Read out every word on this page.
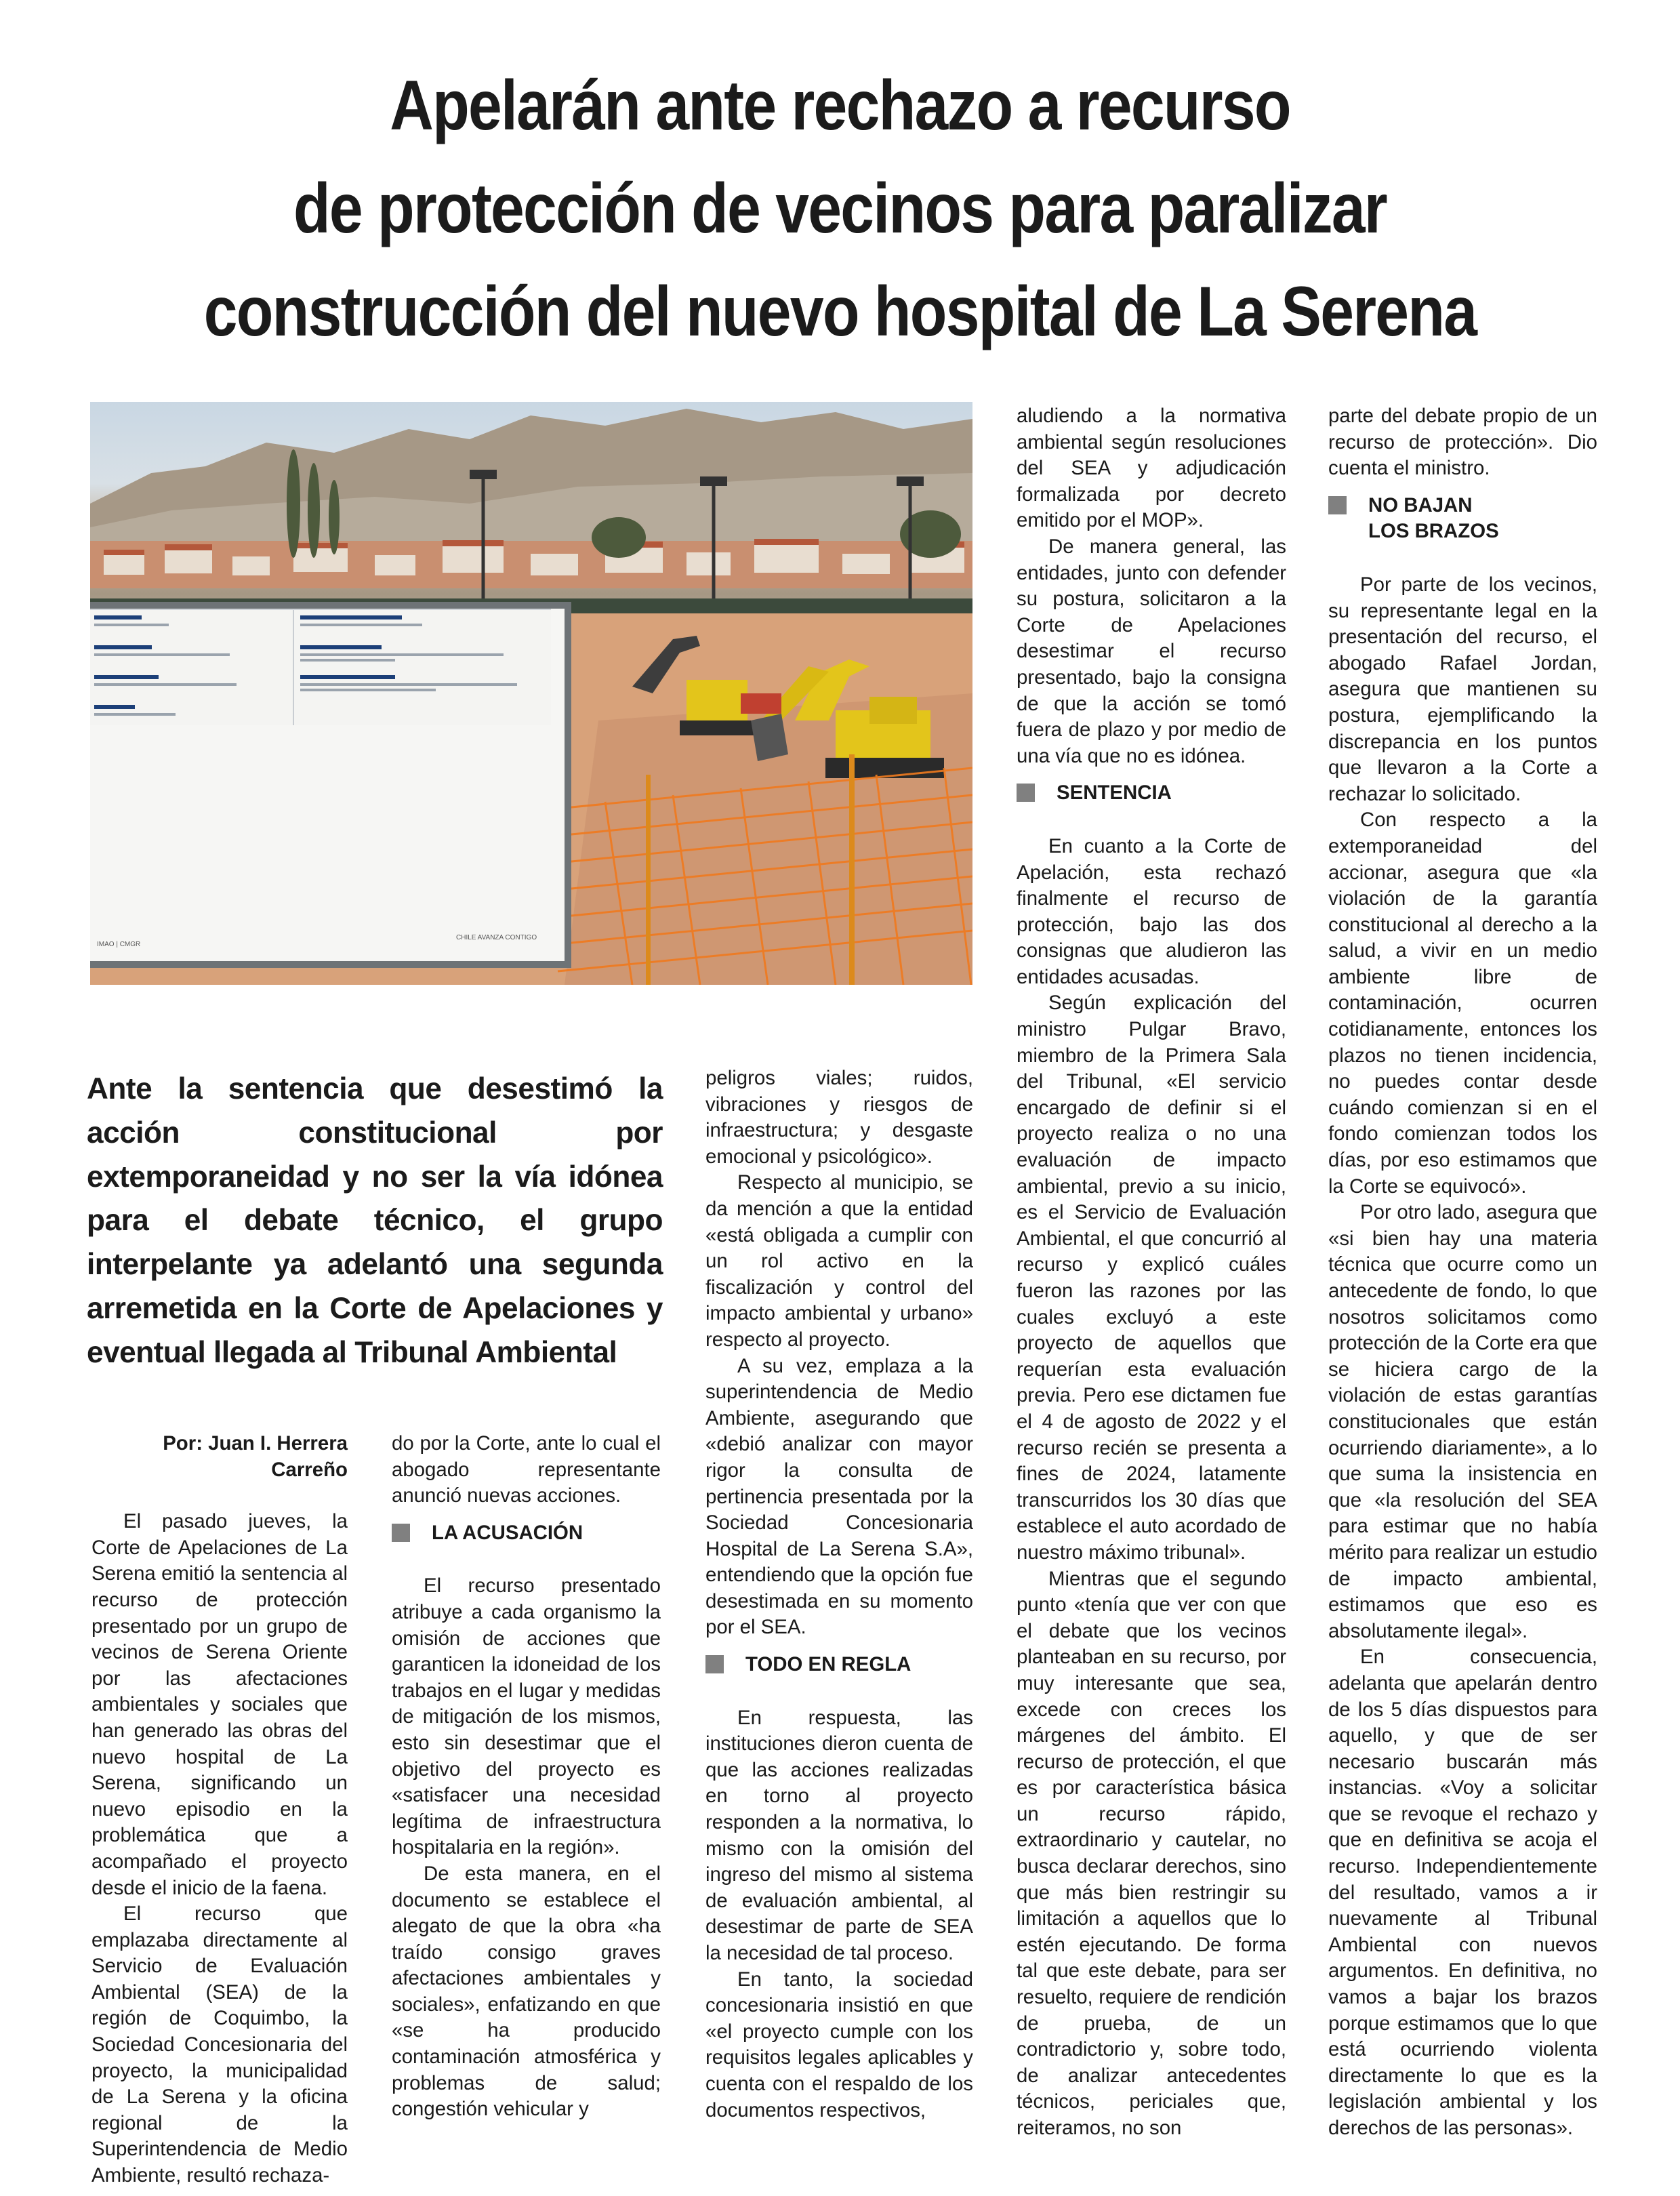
Apelarán ante rechazo a recurso
de protección de vecinos para paralizar
construcción del nuevo hospital de La Serena
IMAO | CMGR
CHILE AVANZA CONTIGO

Ante la sentencia que desestimó la acción constitucional por extemporaneidad y no ser la vía idónea para el debate técnico, el grupo interpelante ya adelantó una segunda arremetida en la Corte de Apelaciones y eventual llegada al Tribunal Ambiental

Por: Juan I. Herrera
Carreño

El pasado jueves, la Corte de Apelaciones de La Serena emitió la sentencia al recurso de protección presentado por un grupo de vecinos de Serena Oriente por las afectaciones ambientales y sociales que han generado las obras del nuevo hospital de La Serena, significando un nuevo episodio en la problemática que a acompañado el proyecto desde el inicio de la faena.

El recurso que emplazaba directamente al Servicio de Evaluación Ambiental (SEA) de la región de Coquimbo, la Sociedad Concesionaria del proyecto, la municipalidad de La Serena y la oficina regional de la Superintendencia de Medio Ambiente, resultó rechaza-

do por la Corte, ante lo cual el abogado representante anunció nuevas acciones.

LA ACUSACIÓN

El recurso presentado atribuye a cada organismo la omisión de acciones que garanticen la idoneidad de los trabajos en el lugar y medidas de mitigación de los mismos, esto sin desestimar que el objetivo del proyecto es «satisfacer una necesidad legítima de infraestructura hospitalaria en la región».

De esta manera, en el documento se establece el alegato de que la obra «ha traído consigo graves afectaciones ambientales y sociales», enfatizando en que «se ha producido contaminación atmosférica y problemas de salud; congestión vehicular y

peligros viales; ruidos, vibraciones y riesgos de infraestructura; y desgaste emocional y psicológico».

Respecto al municipio, se da mención a que la entidad «está obligada a cumplir con un rol activo en la fiscalización y control del impacto ambiental y urbano» respecto al proyecto.

A su vez, emplaza a la superintendencia de Medio Ambiente, asegurando que «debió analizar con mayor rigor la consulta de pertinencia presentada por la Sociedad Concesionaria Hospital de La Serena S.A», entendiendo que la opción fue desestimada en su momento por el SEA.

TODO EN REGLA

En respuesta, las instituciones dieron cuenta de que las acciones realizadas en torno al proyecto responden a la normativa, lo mismo con la omisión del ingreso del mismo al sistema de evaluación ambiental, al desestimar de parte de SEA la necesidad de tal proceso.

En tanto, la sociedad concesionaria insistió en que «el proyecto cumple con los requisitos legales aplicables y cuenta con el respaldo de los documentos respectivos,

aludiendo a la normativa ambiental según resoluciones del SEA y adjudicación formalizada por decreto emitido por el MOP».

De manera general, las entidades, junto con defender su postura, solicitaron a la Corte de Apelaciones desestimar el recurso presentado, bajo la consigna de que la acción se tomó fuera de plazo y por medio de una vía que no es idónea.

SENTENCIA

En cuanto a la Corte de Apelación, esta rechazó finalmente el recurso de protección, bajo las dos consignas que aludieron las entidades acusadas.

Según explicación del ministro Pulgar Bravo, miembro de la Primera Sala del Tribunal, «El servicio encargado de definir si el proyecto realiza o no una evaluación de impacto ambiental, previo a su inicio, es el Servicio de Evaluación Ambiental, el que concurrió al recurso y explicó cuáles fueron las razones por las cuales excluyó a este proyecto de aquellos que requerían esta evaluación previa. Pero ese dictamen fue el 4 de agosto de 2022 y el recurso recién se presenta a fines de 2024, latamente transcurridos los 30 días que establece el auto acordado de nuestro máximo tribunal».

Mientras que el segundo punto «tenía que ver con que el debate que los vecinos planteaban en su recurso, por muy interesante que sea, excede con creces los márgenes del ámbito. El recurso de protección, el que es por característica básica un recurso rápido, extraordinario y cautelar, no busca declarar derechos, sino que más bien restringir su limitación a aquellos que lo estén ejecutando. De forma tal que este debate, para ser resuelto, requiere de rendición de prueba, de un contradictorio y, sobre todo, de analizar antecedentes técnicos, periciales que, reiteramos, no son

parte del debate propio de un recurso de protección». Dio cuenta el ministro.

NO BAJAN
LOS BRAZOS

Por parte de los vecinos, su representante legal en la presentación del recurso, el abogado Rafael Jordan, asegura que mantienen su postura, ejemplificando la discrepancia en los puntos que llevaron a la Corte a rechazar lo solicitado.

Con respecto a la extemporaneidad del accionar, asegura que «la violación de la garantía constitucional al derecho a la salud, a vivir en un medio ambiente libre de contaminación, ocurren cotidianamente, entonces los plazos no tienen incidencia, no puedes contar desde cuándo comienzan si en el fondo comienzan todos los días, por eso estimamos que la Corte se equivocó».

Por otro lado, asegura que «si bien hay una materia técnica que ocurre como un antecedente de fondo, lo que nosotros solicitamos como protección de la Corte era que se hiciera cargo de la violación de estas garantías constitucionales que están ocurriendo diariamente», a lo que suma la insistencia en que «la resolución del SEA para estimar que no había mérito para realizar un estudio de impacto ambiental, estimamos que eso es absolutamente ilegal».

En consecuencia, adelanta que apelarán dentro de los 5 días dispuestos para aquello, y que de ser necesario buscarán más instancias. «Voy a solicitar que se revoque el rechazo y que en definitiva se acoja el recurso. Independientemente del resultado, vamos a ir nuevamente al Tribunal Ambiental con nuevos argumentos. En definitiva, no vamos a bajar los brazos porque estimamos que lo que está ocurriendo violenta directamente lo que es la legislación ambiental y los derechos de las personas».
